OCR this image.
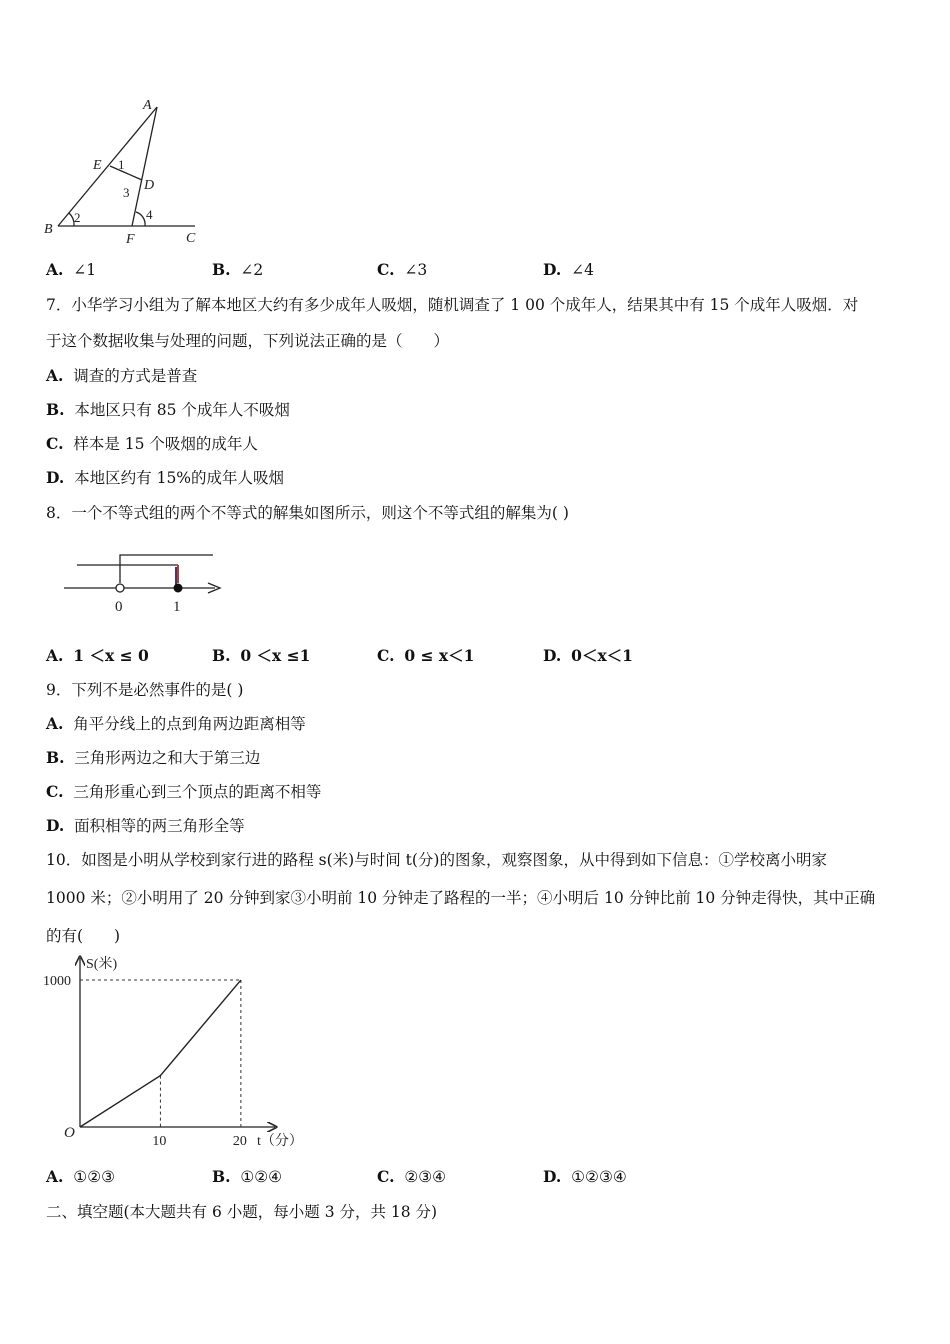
A
B
C
D
E
F
1
2
3
4
A. ∠1	B. ∠2	C. ∠3	D. ∠4
7．小华学习小组为了解本地区大约有多少成年人吸烟，随机调查了 1 00 个成年人，结果其中有 15 个成年人吸烟．对
于这个数据收集与处理的问题，下列说法正确的是（　　）
A. 调查的方式是普查
B. 本地区只有 85 个成年人不吸烟
C. 样本是 15 个吸烟的成年人
D. 本地区约有 15%的成年人吸烟
8．一个不等式组的两个不等式的解集如图所示，则这个不等式组的解集为( )
0	1
A. 1 ＜x ≤ 0	B. 0 ＜x ≤1	C. 0 ≤ x＜1	D. 0＜x＜1
9．下列不是必然事件的是( )
A. 角平分线上的点到角两边距离相等
B. 三角形两边之和大于第三边
C. 三角形重心到三个顶点的距离不相等
D. 面积相等的两三角形全等
10．如图是小明从学校到家行进的路程 s(米)与时间 t(分)的图象，观察图象，从中得到如下信息：①学校离小明家
1000 米；②小明用了 20 分钟到家③小明前 10 分钟走了路程的一半；④小明后 10 分钟比前 10 分钟走得快，其中正确
的有(　　)
10	20
1000
O
S(米)
t（分）
A. ①②③	B. ①②④	C. ②③④	D. ①②③④
二、填空题(本大题共有 6 小题，每小题 3 分，共 18 分)
